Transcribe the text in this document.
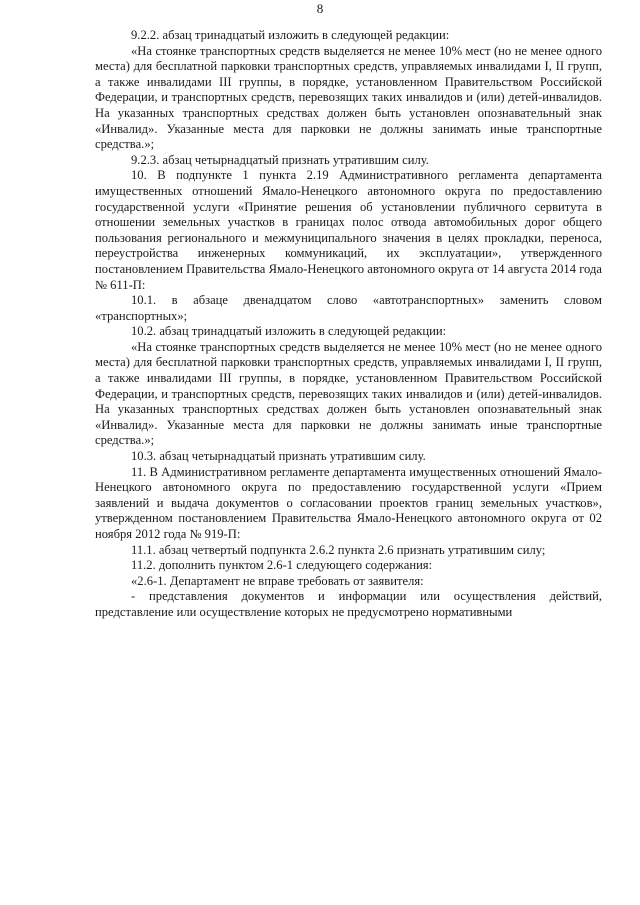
8

9.2.2. абзац тринадцатый изложить в следующей редакции:

«На стоянке транспортных средств выделяется не менее 10% мест (но не менее одного места) для бесплатной парковки транспортных средств, управляемых инвалидами I, II групп, а также инвалидами III группы, в порядке, установленном Правительством Российской Федерации, и транспортных средств, перевозящих таких инвалидов и (или) детей-инвалидов. На указанных транспортных средствах должен быть установлен опознавательный знак «Инвалид». Указанные места для парковки не должны занимать иные транспортные средства.»;

9.2.3. абзац четырнадцатый признать утратившим силу.

10. В подпункте 1 пункта 2.19 Административного регламента департамента имущественных отношений Ямало-Ненецкого автономного округа по предоставлению государственной услуги «Принятие решения об установлении публичного сервитута в отношении земельных участков в границах полос отвода автомобильных дорог общего пользования регионального и межмуниципального значения в целях прокладки, переноса, переустройства инженерных коммуникаций, их эксплуатации», утвержденного постановлением Правительства Ямало-Ненецкого автономного округа от 14 августа 2014 года № 611-П:

10.1. в абзаце двенадцатом слово «автотранспортных» заменить словом «транспортных»;

10.2. абзац тринадцатый изложить в следующей редакции:

«На стоянке транспортных средств выделяется не менее 10% мест (но не менее одного места) для бесплатной парковки транспортных средств, управляемых инвалидами I, II групп, а также инвалидами III группы, в порядке, установленном Правительством Российской Федерации, и транспортных средств, перевозящих таких инвалидов и (или) детей-инвалидов. На указанных транспортных средствах должен быть установлен опознавательный знак «Инвалид». Указанные места для парковки не должны занимать иные транспортные средства.»;

10.3. абзац четырнадцатый признать утратившим силу.

11. В Административном регламенте департамента имущественных отношений Ямало-Ненецкого автономного округа по предоставлению государственной услуги «Прием заявлений и выдача документов о согласовании проектов границ земельных участков», утвержденном постановлением Правительства Ямало-Ненецкого автономного округа от 02 ноября 2012 года № 919-П:

11.1. абзац четвертый подпункта 2.6.2 пункта 2.6 признать утратившим силу;

11.2. дополнить пунктом 2.6-1 следующего содержания:

«2.6-1. Департамент не вправе требовать от заявителя:

- представления документов и информации или осуществления действий, представление или осуществление которых не предусмотрено нормативными
